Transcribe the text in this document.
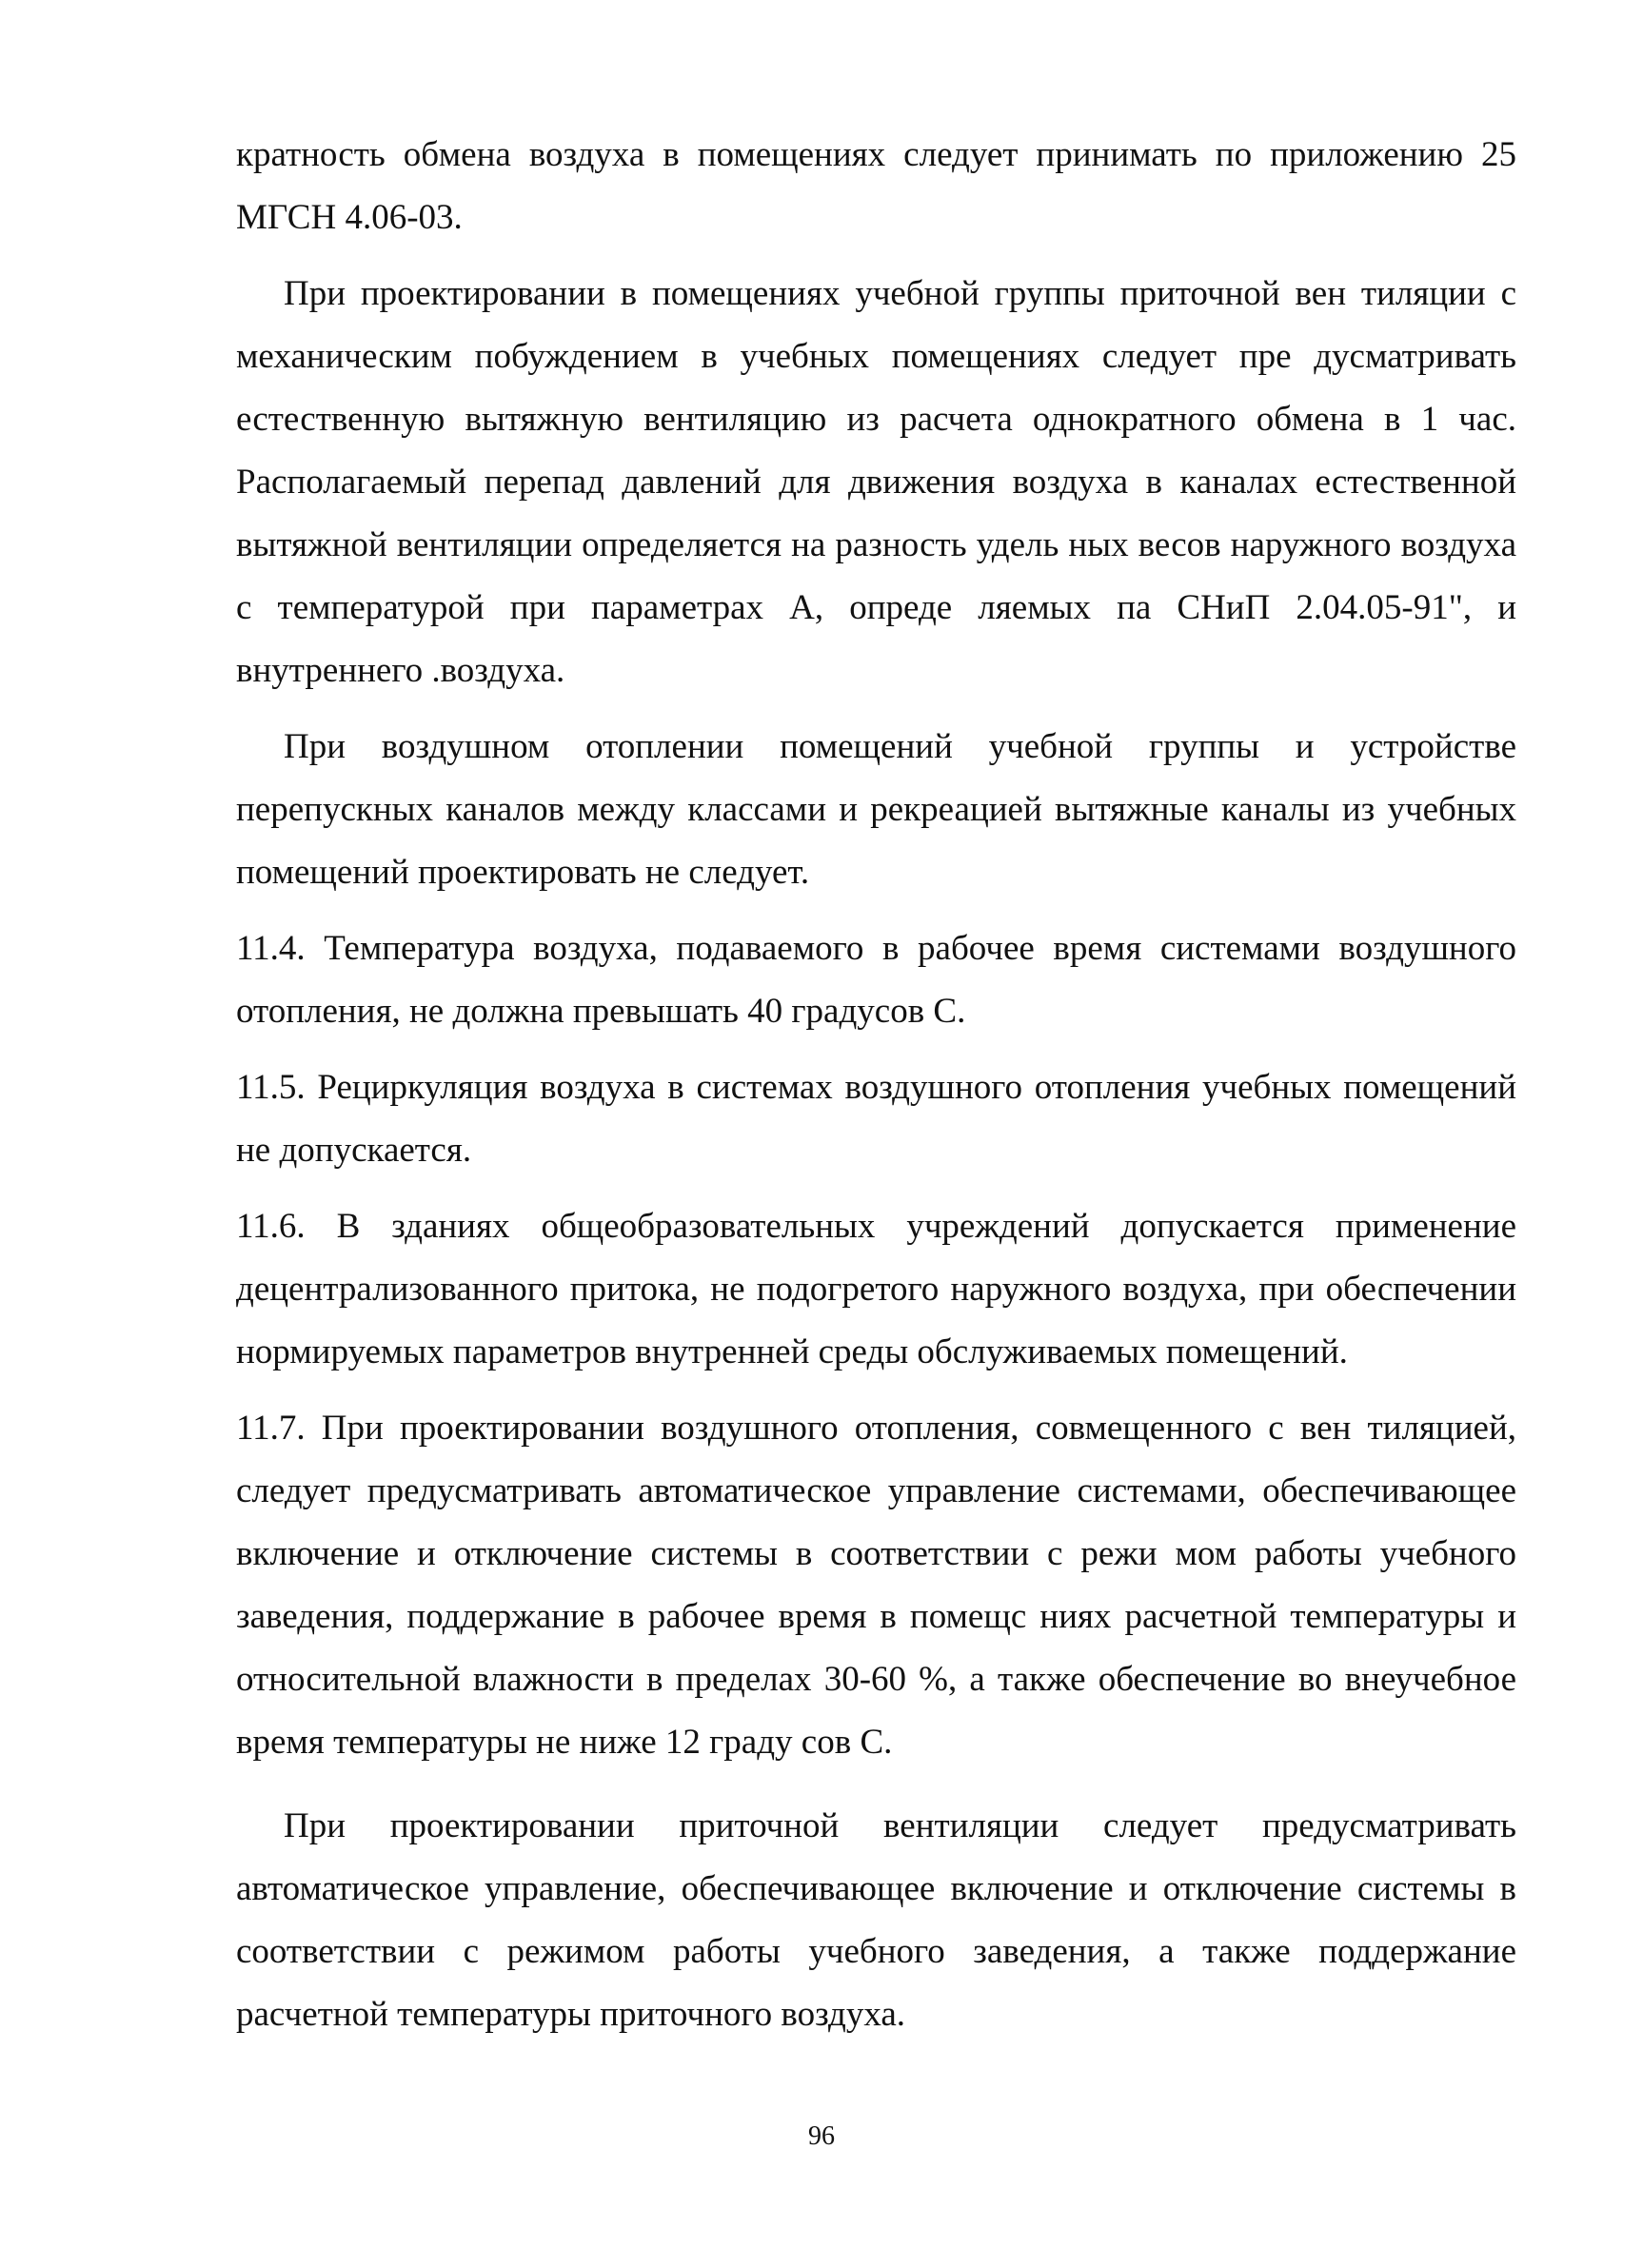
кратность обмена воздуха в помещениях следует принимать по приложению 25 МГСН 4.06-03.

При проектировании в помещениях учебной группы приточной вен тиляции с механическим побуждением в учебных помещениях следует пре дусматривать естественную вытяжную вентиляцию из расчета однократного обмена в 1 час. Располагаемый перепад давлений для движения воздуха в каналах естественной вытяжной вентиляции определяется на разность удель ных весов наружного воздуха с температурой при параметрах А, опреде ляемых па СНиП 2.04.05-91", и внутреннего .воздуха.

При воздушном отоплении помещений учебной группы и устройстве перепускных каналов между классами и рекреацией вытяжные каналы из учебных помещений проектировать не следует.

11.4. Температура воздуха, подаваемого в рабочее время системами воздушного отопления, не должна превышать 40 градусов С.

11.5. Рециркуляция воздуха в системах воздушного отопления учебных помещений не допускается.

11.6. В зданиях общеобразовательных учреждений допускается применение децентрализованного притока, не подогретого наружного воздуха, при обеспечении нормируемых параметров внутренней среды обслуживаемых помещений.

11.7. При проектировании воздушного отопления, совмещенного с вен тиляцией, следует предусматривать автоматическое управление системами, обеспечивающее включение и отключение системы в соответствии с режи мом работы учебного заведения, поддержание в рабочее время в помещс ниях расчетной температуры и относительной влажности в пределах 30-60 %, а также обеспечение во внеучебное время температуры не ниже 12 граду сов С.

При проектировании приточной вентиляции следует предусматривать автоматическое управление, обеспечивающее включение и отключение системы в соответствии с режимом работы учебного заведения, а также поддержание расчетной температуры приточного воздуха.

96
